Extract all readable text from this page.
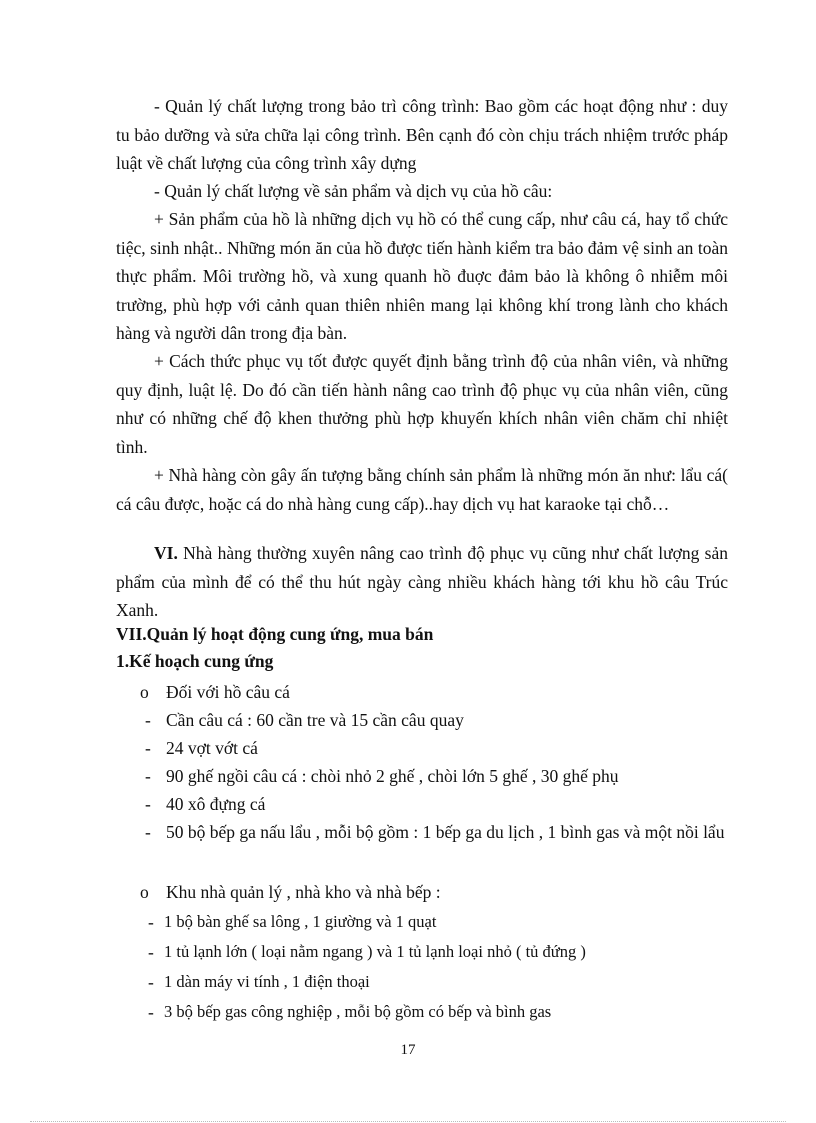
- Quản lý chất lượng trong bảo trì công trình: Bao gồm các hoạt động như : duy tu bảo dưỡng và sửa chữa lại công trình. Bên cạnh đó còn chịu trách nhiệm trước pháp luật về chất lượng của công trình xây dựng

- Quản lý chất lượng về sản phẩm và dịch vụ của hồ câu:

+ Sản phẩm của hồ là những dịch vụ hồ có thể cung cấp, như câu cá, hay tổ chức tiệc, sinh nhật.. Những món ăn của hồ được tiến hành kiểm tra bảo đảm vệ sinh an toàn thực phẩm. Môi trường hồ, và xung quanh hồ đuợc đảm bảo là không ô nhiễm môi trường, phù hợp với cảnh quan thiên nhiên mang lại không khí trong lành cho khách hàng và người dân trong địa bàn.

+ Cách thức phục vụ tốt được quyết định bằng trình độ của nhân viên, và những quy định, luật lệ. Do đó cần tiến hành nâng cao trình độ phục vụ của nhân viên, cũng như có những chế độ khen thưởng phù hợp khuyến khích nhân viên chăm chỉ nhiệt tình.

+ Nhà hàng còn gây ấn tượng bằng chính sản phẩm là những món ăn như: lẩu cá( cá câu được, hoặc cá do nhà hàng cung cấp)..hay dịch vụ hat karaoke tại chỗ…

VI. Nhà hàng thường xuyên nâng cao trình độ phục vụ cũng như chất lượng sản phẩm của mình để có thể thu hút ngày càng nhiều khách hàng tới khu hồ câu Trúc Xanh.

VII.Quản lý hoạt động cung ứng, mua bán

1.Kế hoạch cung ứng

o Đối với hồ câu cá
- Cần câu cá : 60 cần tre và 15 cần câu quay
- 24 vợt vớt cá
- 90 ghế ngồi câu cá : chòi nhỏ 2 ghế , chòi lớn 5 ghế , 30 ghế phụ
- 40 xô đựng cá
- 50 bộ bếp ga nấu lẩu , mỗi bộ gồm : 1 bếp ga du lịch , 1 bình gas và một nồi lẩu
o Khu nhà quản lý , nhà kho và nhà bếp :
- 1 bộ bàn ghế sa lông , 1 giường và 1 quạt
- 1 tủ lạnh lớn ( loại nằm ngang ) và 1 tủ lạnh loại nhỏ ( tủ đứng )
- 1 dàn máy vi tính , 1 điện thoại
- 3 bộ bếp gas công nghiệp , mỗi bộ gồm có bếp và bình gas
17
